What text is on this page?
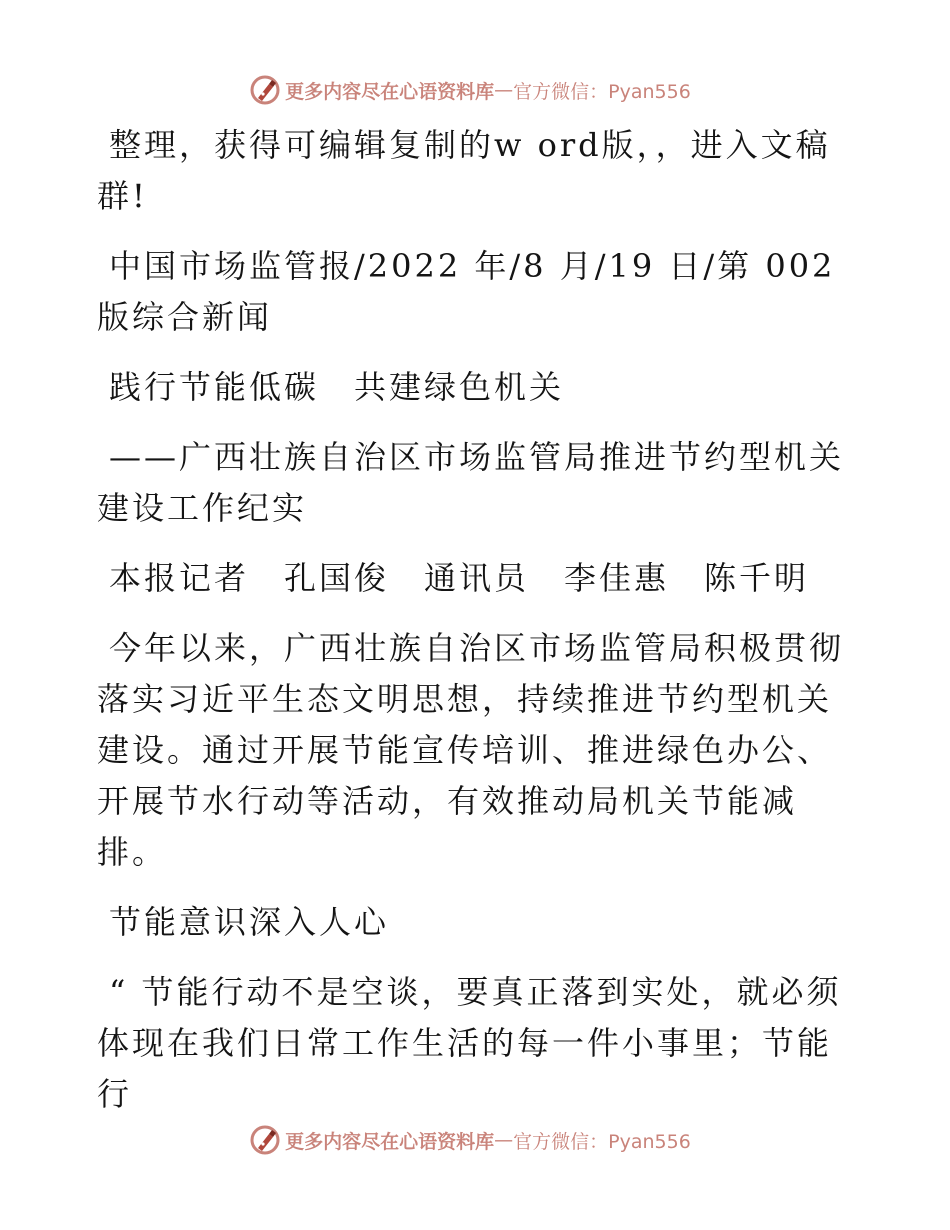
更多内容尽在心语资料库 — 官方微信：Pyan556

整理，获得可编辑复制的w ord版，，进入文稿群!

中国市场监管报/2022 年/8 月/19 日/第 002 版综合新闻

践行节能低碳　共建绿色机关

——广西壮族自治区市场监管局推进节约型机关建设工作纪实

本报记者　孔国俊　通讯员　李佳惠　陈千明

今年以来，广西壮族自治区市场监管局积极贯彻落实习近平生态文明思想，持续推进节约型机关建设。通过开展节能宣传培训、推进绿色办公、开展节水行动等活动，有效推动局机关节能减排。

节能意识深入人心

“ 节能行动不是空谈，要真正落到实处，就必须体现在我们日常工作生活的每一件小事里；节能行

更多内容尽在心语资料库 — 官方微信：Pyan556
